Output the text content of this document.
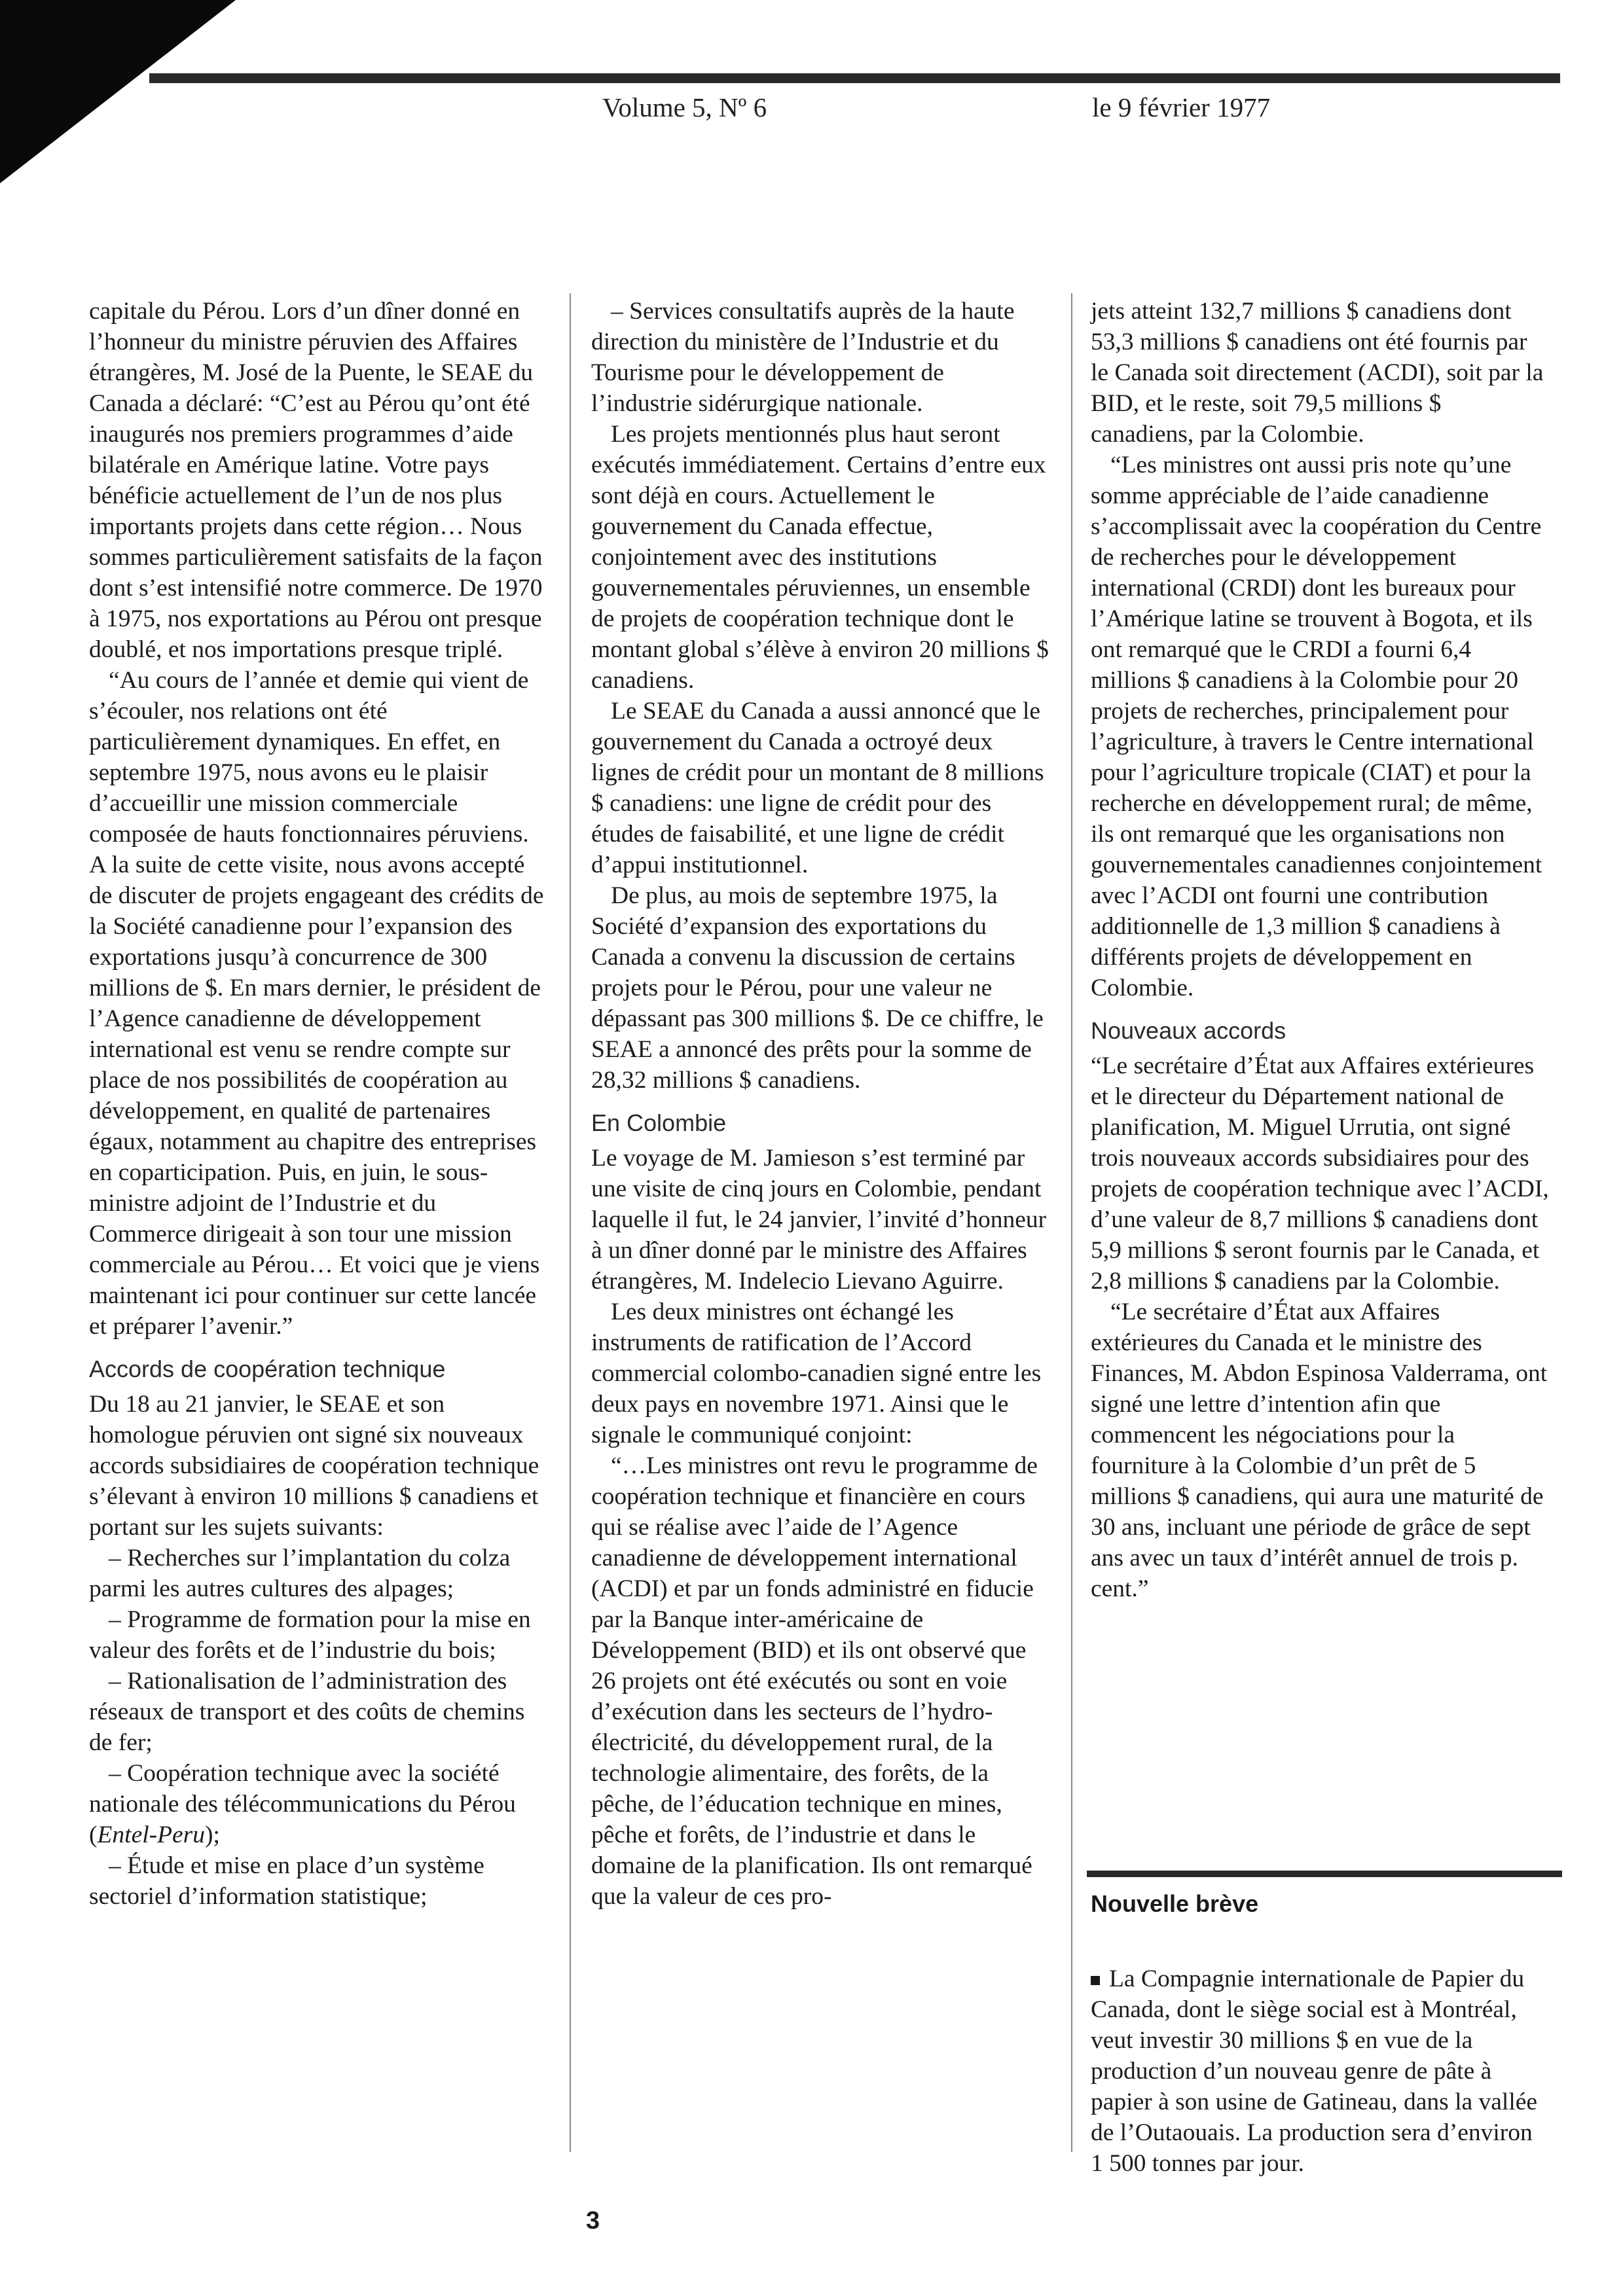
Volume 5, Nº 6	le 9 février 1977

capitale du Pérou. Lors d’un dîner donné en l’honneur du ministre péruvien des Affaires étrangères, M. José de la Puente, le SEAE du Canada a déclaré: “C’est au Pérou qu’ont été inaugurés nos premiers programmes d’aide bilatérale en Amérique latine. Votre pays bénéficie actuellement de l’un de nos plus importants projets dans cette région… Nous sommes particulièrement satisfaits de la façon dont s’est intensifié notre commerce. De 1970 à 1975, nos exportations au Pérou ont presque doublé, et nos importations presque triplé.

“Au cours de l’année et demie qui vient de s’écouler, nos relations ont été particulièrement dynamiques. En effet, en septembre 1975, nous avons eu le plaisir d’accueillir une mission commerciale composée de hauts fonctionnaires péruviens. A la suite de cette visite, nous avons accepté de discuter de projets engageant des crédits de la Société canadienne pour l’expansion des exportations jusqu’à concurrence de 300 millions de $. En mars dernier, le président de l’Agence canadienne de développement international est venu se rendre compte sur place de nos possibilités de coopération au développement, en qualité de partenaires égaux, notamment au chapitre des entreprises en coparticipation. Puis, en juin, le sous-ministre adjoint de l’Industrie et du Commerce dirigeait à son tour une mission commerciale au Pérou… Et voici que je viens maintenant ici pour continuer sur cette lancée et préparer l’avenir.”

Accords de coopération technique

Du 18 au 21 janvier, le SEAE et son homologue péruvien ont signé six nouveaux accords subsidiaires de coopération technique s’élevant à environ 10 millions $ canadiens et portant sur les sujets suivants:

– Recherches sur l’implantation du colza parmi les autres cultures des alpages;

– Programme de formation pour la mise en valeur des forêts et de l’industrie du bois;

– Rationalisation de l’administration des réseaux de transport et des coûts de chemins de fer;

– Coopération technique avec la société nationale des télécommunications du Pérou (Entel-Peru);

– Étude et mise en place d’un système sectoriel d’information statistique;

– Services consultatifs auprès de la haute direction du ministère de l’Industrie et du Tourisme pour le développement de l’industrie sidérurgique nationale.

Les projets mentionnés plus haut seront exécutés immédiatement. Certains d’entre eux sont déjà en cours. Actuellement le gouvernement du Canada effectue, conjointement avec des institutions gouvernementales péruviennes, un ensemble de projets de coopération technique dont le montant global s’élève à environ 20 millions $ canadiens.

Le SEAE du Canada a aussi annoncé que le gouvernement du Canada a octroyé deux lignes de crédit pour un montant de 8 millions $ canadiens: une ligne de crédit pour des études de faisabilité, et une ligne de crédit d’appui institutionnel.

De plus, au mois de septembre 1975, la Société d’expansion des exportations du Canada a convenu la discussion de certains projets pour le Pérou, pour une valeur ne dépassant pas 300 millions $. De ce chiffre, le SEAE a annoncé des prêts pour la somme de 28,32 millions $ canadiens.

En Colombie

Le voyage de M. Jamieson s’est terminé par une visite de cinq jours en Colombie, pendant laquelle il fut, le 24 janvier, l’invité d’honneur à un dîner donné par le ministre des Affaires étrangères, M. Indelecio Lievano Aguirre.

Les deux ministres ont échangé les instruments de ratification de l’Accord commercial colombo-canadien signé entre les deux pays en novembre 1971. Ainsi que le signale le communiqué conjoint:

“…Les ministres ont revu le programme de coopération technique et financière en cours qui se réalise avec l’aide de l’Agence canadienne de développement international (ACDI) et par un fonds administré en fiducie par la Banque inter-américaine de Développement (BID) et ils ont observé que 26 projets ont été exécutés ou sont en voie d’exécution dans les secteurs de l’hydro-électricité, du développement rural, de la technologie alimentaire, des forêts, de la pêche, de l’éducation technique en mines, pêche et forêts, de l’industrie et dans le domaine de la planification. Ils ont remarqué que la valeur de ces pro-

jets atteint 132,7 millions $ canadiens dont 53,3 millions $ canadiens ont été fournis par le Canada soit directement (ACDI), soit par la BID, et le reste, soit 79,5 millions $ canadiens, par la Colombie.

“Les ministres ont aussi pris note qu’une somme appréciable de l’aide canadienne s’accomplissait avec la coopération du Centre de recherches pour le développement international (CRDI) dont les bureaux pour l’Amérique latine se trouvent à Bogota, et ils ont remarqué que le CRDI a fourni 6,4 millions $ canadiens à la Colombie pour 20 projets de recherches, principalement pour l’agriculture, à travers le Centre international pour l’agriculture tropicale (CIAT) et pour la recherche en développement rural; de même, ils ont remarqué que les organisations non gouvernementales canadiennes conjointement avec l’ACDI ont fourni une contribution additionnelle de 1,3 million $ canadiens à différents projets de développement en Colombie.

Nouveaux accords

“Le secrétaire d’État aux Affaires extérieures et le directeur du Département national de planification, M. Miguel Urrutia, ont signé trois nouveaux accords subsidiaires pour des projets de coopération technique avec l’ACDI, d’une valeur de 8,7 millions $ canadiens dont 5,9 millions $ seront fournis par le Canada, et 2,8 millions $ canadiens par la Colombie.

“Le secrétaire d’État aux Affaires extérieures du Canada et le ministre des Finances, M. Abdon Espinosa Valderrama, ont signé une lettre d’intention afin que commencent les négociations pour la fourniture à la Colombie d’un prêt de 5 millions $ canadiens, qui aura une maturité de 30 ans, incluant une période de grâce de sept ans avec un taux d’intérêt annuel de trois p. cent.”

Nouvelle brève

La Compagnie internationale de Papier du Canada, dont le siège social est à Montréal, veut investir 30 millions $ en vue de la production d’un nouveau genre de pâte à papier à son usine de Gatineau, dans la vallée de l’Outaouais. La production sera d’environ 1 500 tonnes par jour.

3
